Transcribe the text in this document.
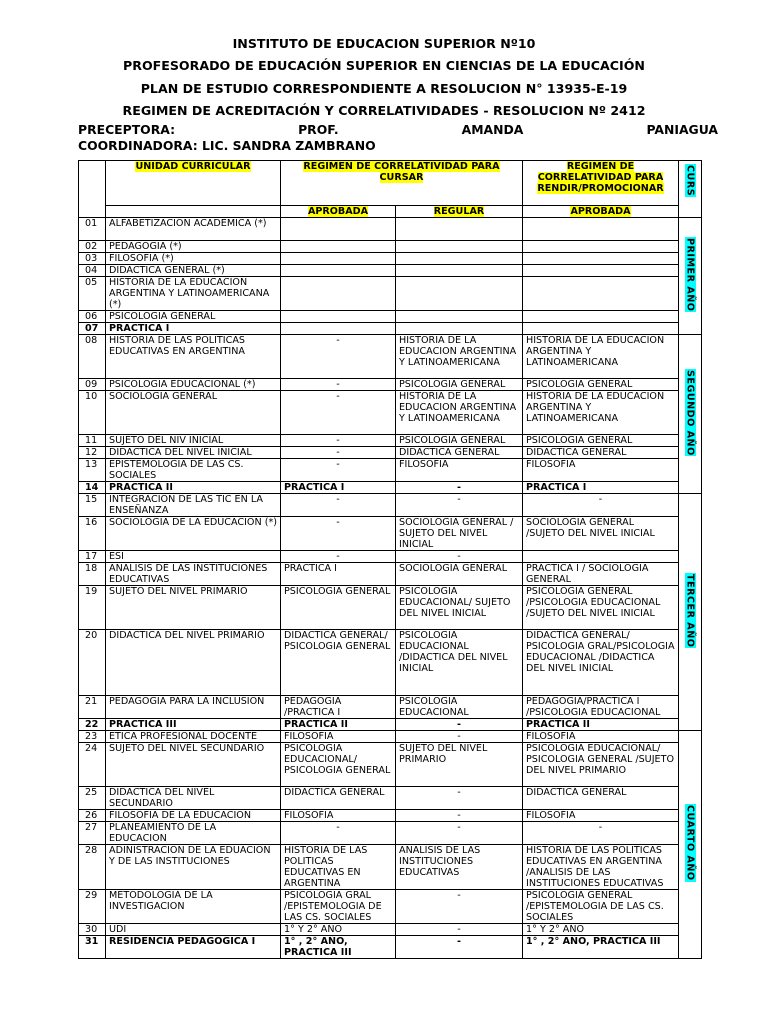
INSTITUTO DE EDUCACION SUPERIOR Nº10
PROFESORADO DE EDUCACIÓN SUPERIOR EN CIENCIAS DE LA EDUCACIÓN
PLAN DE ESTUDIO CORRESPONDIENTE A RESOLUCION N° 13935-E-19
REGIMEN DE ACREDITACIÓN Y CORRELATIVIDADES - RESOLUCION Nº 2412
PRECEPTORA:	PROF.	AMANDA	PANIAGUA
COORDINADORA: LIC. SANDRA ZAMBRANO
	UNIDAD CURRICULAR	REGIMEN DE CORRELATIVIDAD PARA CURSAR		REGIMEN DE CORRELATIVIDAD PARA RENDIR/PROMOCIONAR	CURS
		APROBADA	REGULAR	APROBADA	
01	ALFABETIZACION ACADEMICA (*)				PRIMER AÑO
02	PEDAGOGIA (*)				
03	FILOSOFIA (*)				
04	DIDACTICA GENERAL (*)				
05	HISTORIA DE LA EDUCACION ARGENTINA Y LATINOAMERICANA (*)				
06	PSICOLOGIA GENERAL				
07	PRACTICA I				
08	HISTORIA DE LAS POLITICAS EDUCATIVAS EN ARGENTINA	-	HISTORIA DE LA EDUCACION ARGENTINA Y LATINOAMERICANA	HISTORIA DE LA EDUCACION ARGENTINA Y LATINOAMERICANA	SEGUNDO AÑO
09	PSICOLOGIA EDUCACIONAL (*)	-	PSICOLOGIA GENERAL	PSICOLOGIA GENERAL	
10	SOCIOLOGIA GENERAL	-	HISTORIA DE LA EDUCACION ARGENTINA Y LATINOAMERICANA	HISTORIA DE LA EDUCACION ARGENTINA Y LATINOAMERICANA	
11	SUJETO DEL NIV INICIAL	-	PSICOLOGIA GENERAL	PSICOLOGIA GENERAL	
12	DIDACTICA DEL NIVEL INICIAL	-	DIDACTICA GENERAL	DIDACTICA GENERAL	
13	EPISTEMOLOGIA DE LAS CS. SOCIALES	-	FILOSOFIA	FILOSOFIA	
14	PRACTICA II	PRACTICA I	-	PRACTICA I	
15	INTEGRACION DE LAS TIC EN LA ENSEÑANZA	-	-	-	TERCER AÑO
16	SOCIOLOGIA DE LA EDUCACION (*)	-	SOCIOLOGIA GENERAL / SUJETO DEL NIVEL INICIAL	SOCIOLOGIA GENERAL /SUJETO DEL NIVEL INICIAL	
17	ESI	-	-		
18	ANALISIS DE LAS INSTITUCIONES EDUCATIVAS	PRACTICA I	SOCIOLOGIA GENERAL	PRACTICA I / SOCIOLOGIA GENERAL	
19	SUJETO DEL NIVEL PRIMARIO	PSICOLOGIA GENERAL	PSICOLOGIA EDUCACIONAL/ SUJETO DEL NIVEL INICIAL	PSICOLOGIA GENERAL /PSICOLOGIA EDUCACIONAL /SUJETO DEL NIVEL INICIAL	
20	DIDACTICA DEL NIVEL PRIMARIO	DIDACTICA GENERAL/ PSICOLOGIA GENERAL	PSICOLOGIA EDUCACIONAL /DIDACTICA DEL NIVEL INICIAL	DIDACTICA GENERAL/ PSICOLOGIA GRAL/PSICOLOGIA EDUCACIONAL /DIDACTICA DEL NIVEL INICIAL	
21	PEDAGOGIA PARA LA INCLUSION	PEDAGOGIA /PRACTICA I	PSICOLOGIA EDUCACIONAL	PEDAGOGIA/PRACTICA I /PSICOLOGIA EDUCACIONAL	
22	PRACTICA III	PRACTICA II	-	PRACTICA II	
23	ETICA PROFESIONAL DOCENTE	FILOSOFIA	-	FILOSOFIA	CUARTO AÑO
24	SUJETO DEL NIVEL SECUNDARIO	PSICOLOGIA EDUCACIONAL/ PSICOLOGIA GENERAL	SUJETO DEL NIVEL PRIMARIO	PSICOLOGIA EDUCACIONAL/ PSICOLOGIA GENERAL /SUJETO DEL NIVEL PRIMARIO	
25	DIDACTICA DEL NIVEL SECUNDARIO	DIDACTICA GENERAL	-	DIDACTICA GENERAL	
26	FILOSOFIA DE LA EDUCACION	FILOSOFIA	-	FILOSOFIA	
27	PLANEAMIENTO DE LA EDUCACION	-	-	-	
28	ADINISTRACION DE LA EDUACION Y DE LAS INSTITUCIONES	HISTORIA DE LAS POLITICAS EDUCATIVAS EN ARGENTINA	ANALISIS DE LAS INSTITUCIONES EDUCATIVAS	HISTORIA DE LAS POLITICAS EDUCATIVAS EN ARGENTINA /ANALISIS DE LAS INSTITUCIONES EDUCATIVAS	
29	METODOLOGIA DE LA INVESTIGACION	PSICOLOGIA GRAL /EPISTEMOLOGIA DE LAS CS. SOCIALES	-	PSICOLOGIA GENERAL /EPISTEMOLOGIA DE LAS CS. SOCIALES	
30	UDI	1° Y 2° AÑO	-	1° Y 2° AÑO	
31	RESIDENCIA PEDAGOGICA I	1° , 2° AÑO, PRACTICA III	-	1° , 2° AÑO, PRACTICA III	
